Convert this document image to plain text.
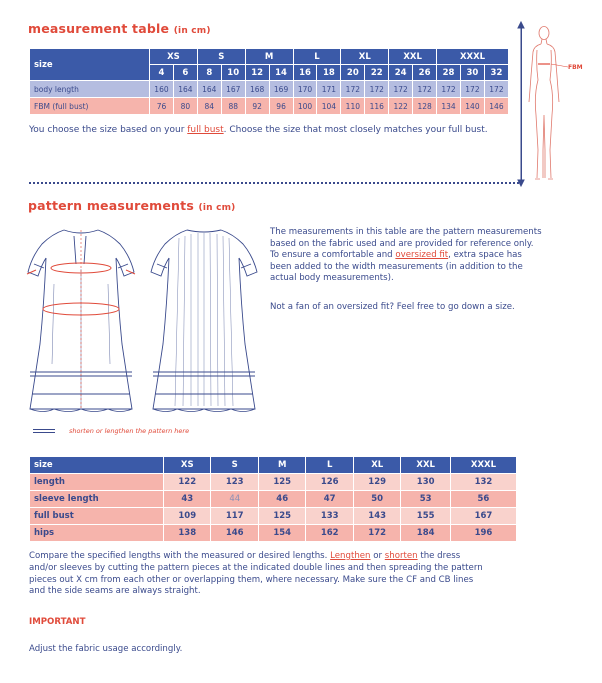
measurement table (in cm)
size	XS		S		M		L		XL		XXL		XXXL		
	4	6	8	10	12	14	16	18	20	22	24	26	28	30	32
body length	160	164	164	167	168	169	170	171	172	172	172	172	172	172	172
FBM (full bust)	76	80	84	88	92	96	100	104	110	116	122	128	134	140	146
You choose the size based on your full bust. Choose the size that most closely matches your full bust.
FBM
pattern measurements (in cm)
The measurements in this table are the pattern measurements
based on the fabric used and are provided for reference only.
To ensure a comfortable and oversized fit, extra space has
been added to the width measurements (in addition to the
actual body measurements).
Not a fan of an oversized fit? Feel free to go down a size.
shorten or lengthen the pattern here
size	XS	S	M	L	XL	XXL	XXXL
length	122	123	125	126	129	130	132
sleeve length	43	44	46	47	50	53	56
full bust	109	117	125	133	143	155	167
hips	138	146	154	162	172	184	196
Compare the specified lengths with the measured or desired lengths. Lengthen or shorten the dress
and/or sleeves by cutting the pattern pieces at the indicated double lines and then spreading the pattern
pieces out X cm from each other or overlapping them, where necessary. Make sure the CF and CB lines
and the side seams are always straight.
IMPORTANT
Adjust the fabric usage accordingly.
